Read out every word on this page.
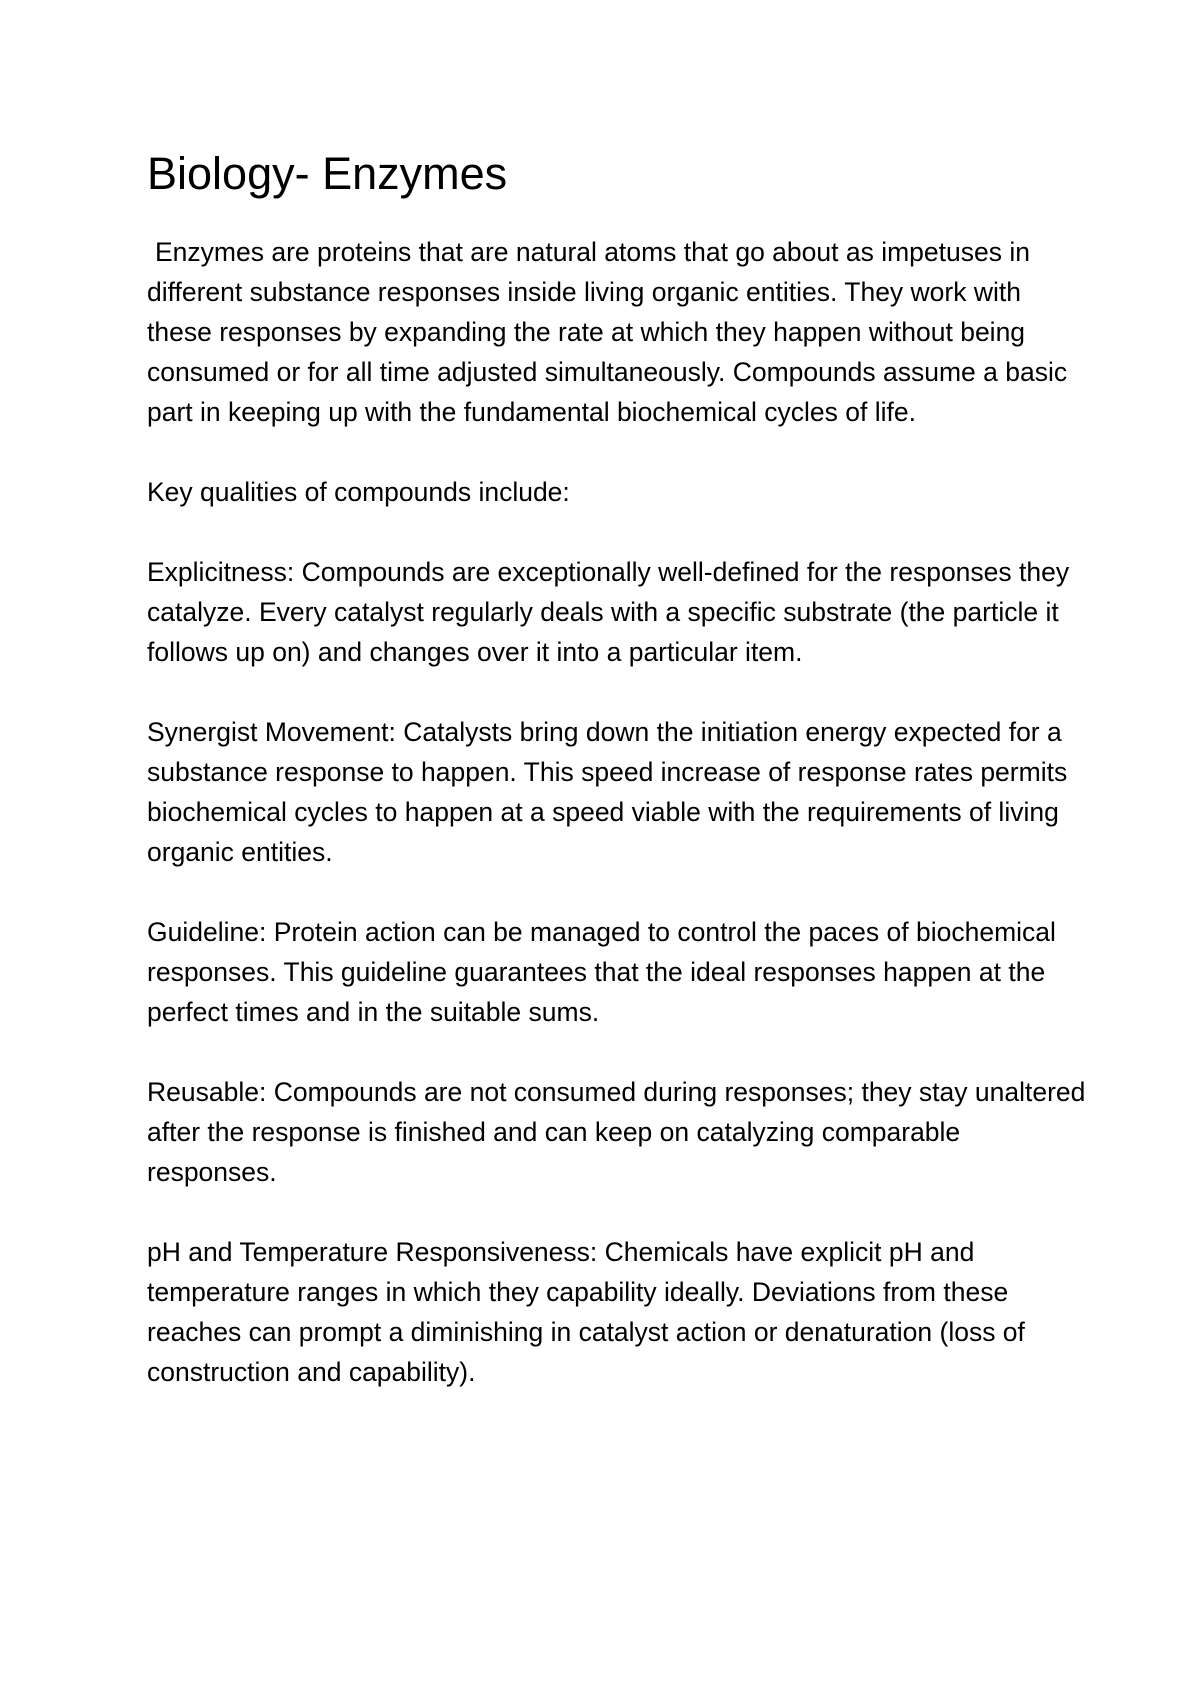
Biology- Enzymes

Enzymes are proteins that are natural atoms that go about as impetuses in different substance responses inside living organic entities. They work with these responses by expanding the rate at which they happen without being consumed or for all time adjusted simultaneously. Compounds assume a basic part in keeping up with the fundamental biochemical cycles of life.

Key qualities of compounds include:

Explicitness: Compounds are exceptionally well-defined for the responses they catalyze. Every catalyst regularly deals with a specific substrate (the particle it follows up on) and changes over it into a particular item.

Synergist Movement: Catalysts bring down the initiation energy expected for a substance response to happen. This speed increase of response rates permits biochemical cycles to happen at a speed viable with the requirements of living organic entities.

Guideline: Protein action can be managed to control the paces of biochemical responses. This guideline guarantees that the ideal responses happen at the perfect times and in the suitable sums.

Reusable: Compounds are not consumed during responses; they stay unaltered after the response is finished and can keep on catalyzing comparable responses.

pH and Temperature Responsiveness: Chemicals have explicit pH and temperature ranges in which they capability ideally. Deviations from these reaches can prompt a diminishing in catalyst action or denaturation (loss of construction and capability).
